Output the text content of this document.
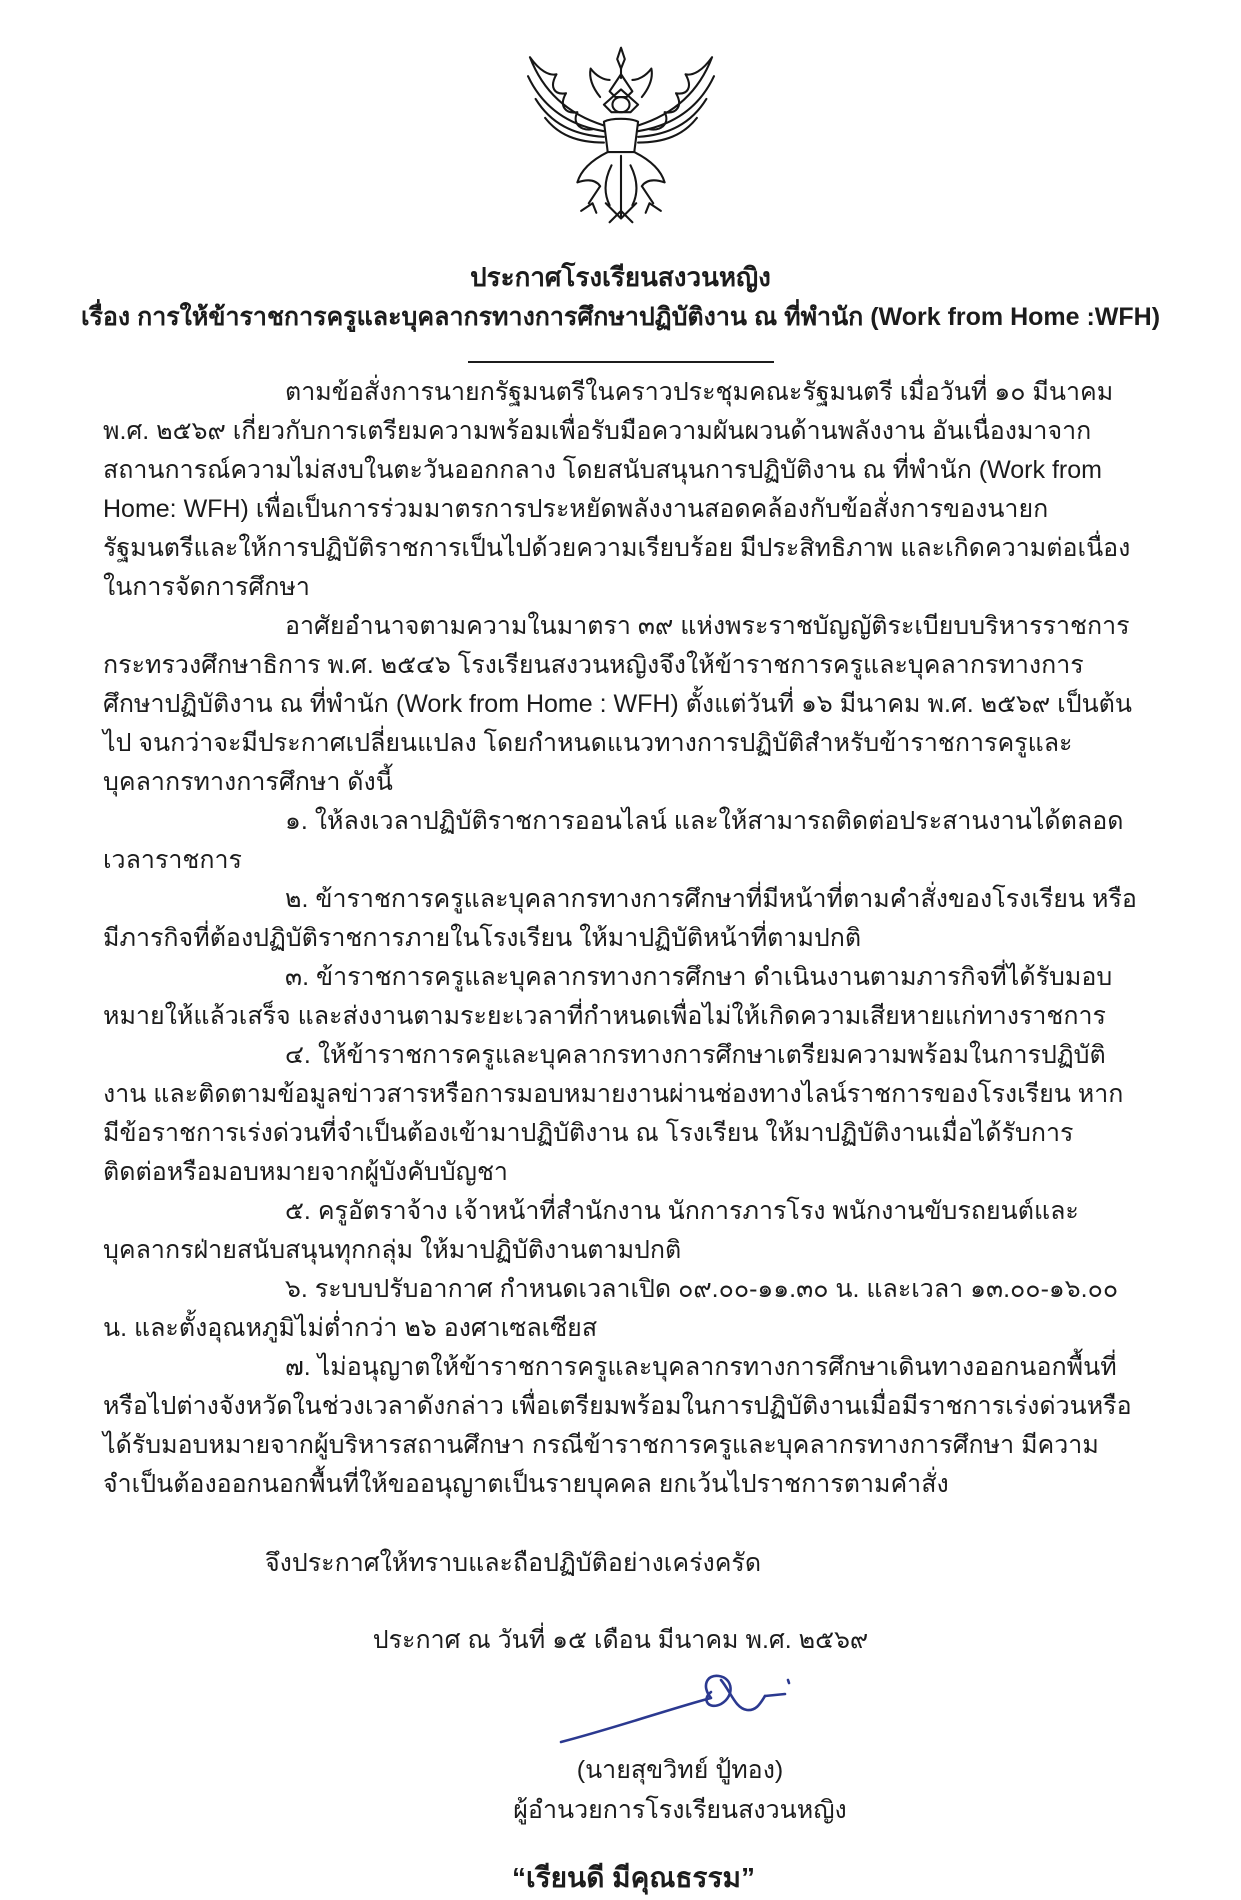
ประกาศโรงเรียนสงวนหญิง
เรื่อง การให้ข้าราชการครูและบุคลากรทางการศึกษาปฏิบัติงาน ณ ที่พำนัก (Work from Home :WFH)

ตามข้อสั่งการนายกรัฐมนตรีในคราวประชุมคณะรัฐมนตรี เมื่อวันที่ ๑๐ มีนาคม พ.ศ. ๒๕๖๙ เกี่ยวกับการเตรียมความพร้อมเพื่อรับมือความผันผวนด้านพลังงาน อันเนื่องมาจากสถานการณ์ความไม่สงบในตะวันออกกลาง โดยสนับสนุนการปฏิบัติงาน ณ ที่พำนัก (Work from Home: WFH) เพื่อเป็นการร่วมมาตรการประหยัดพลังงานสอดคล้องกับข้อสั่งการของนายกรัฐมนตรีและให้การปฏิบัติราชการเป็นไปด้วยความเรียบร้อย มีประสิทธิภาพ และเกิดความต่อเนื่องในการจัดการศึกษา

อาศัยอำนาจตามความในมาตรา ๓๙ แห่งพระราชบัญญัติระเบียบบริหารราชการกระทรวงศึกษาธิการ พ.ศ. ๒๕๔๖ โรงเรียนสงวนหญิงจึงให้ข้าราชการครูและบุคลากรทางการศึกษาปฏิบัติงาน ณ ที่พำนัก (Work from Home : WFH) ตั้งแต่วันที่ ๑๖ มีนาคม พ.ศ. ๒๕๖๙ เป็นต้นไป จนกว่าจะมีประกาศเปลี่ยนแปลง โดยกำหนดแนวทางการปฏิบัติสำหรับข้าราชการครูและบุคลากรทางการศึกษา ดังนี้

๑. ให้ลงเวลาปฏิบัติราชการออนไลน์ และให้สามารถติดต่อประสานงานได้ตลอดเวลาราชการ

๒. ข้าราชการครูและบุคลากรทางการศึกษาที่มีหน้าที่ตามคำสั่งของโรงเรียน หรือมีภารกิจที่ต้องปฏิบัติราชการภายในโรงเรียน ให้มาปฏิบัติหน้าที่ตามปกติ

๓. ข้าราชการครูและบุคลากรทางการศึกษา ดำเนินงานตามภารกิจที่ได้รับมอบหมายให้แล้วเสร็จ และส่งงานตามระยะเวลาที่กำหนดเพื่อไม่ให้เกิดความเสียหายแก่ทางราชการ

๔. ให้ข้าราชการครูและบุคลากรทางการศึกษาเตรียมความพร้อมในการปฏิบัติงาน และติดตามข้อมูลข่าวสารหรือการมอบหมายงานผ่านช่องทางไลน์ราชการของโรงเรียน หากมีข้อราชการเร่งด่วนที่จำเป็นต้องเข้ามาปฏิบัติงาน ณ โรงเรียน ให้มาปฏิบัติงานเมื่อได้รับการติดต่อหรือมอบหมายจากผู้บังคับบัญชา

๕. ครูอัตราจ้าง เจ้าหน้าที่สำนักงาน นักการภารโรง พนักงานขับรถยนต์และบุคลากรฝ่ายสนับสนุนทุกกลุ่ม ให้มาปฏิบัติงานตามปกติ

๖. ระบบปรับอากาศ กำหนดเวลาเปิด ๐๙.๐๐-๑๑.๓๐ น. และเวลา ๑๓.๐๐-๑๖.๐๐ น. และตั้งอุณหภูมิไม่ต่ำกว่า ๒๖ องศาเซลเซียส

๗. ไม่อนุญาตให้ข้าราชการครูและบุคลากรทางการศึกษาเดินทางออกนอกพื้นที่หรือไปต่างจังหวัดในช่วงเวลาดังกล่าว เพื่อเตรียมพร้อมในการปฏิบัติงานเมื่อมีราชการเร่งด่วนหรือได้รับมอบหมายจากผู้บริหารสถานศึกษา กรณีข้าราชการครูและบุคลากรทางการศึกษา มีความจำเป็นต้องออกนอกพื้นที่ให้ขออนุญาตเป็นรายบุคคล ยกเว้นไปราชการตามคำสั่ง

จึงประกาศให้ทราบและถือปฏิบัติอย่างเคร่งครัด

ประกาศ ณ วันที่ ๑๕ เดือน มีนาคม พ.ศ. ๒๕๖๙
(นายสุขวิทย์ ปู้ทอง)
ผู้อำนวยการโรงเรียนสงวนหญิง
“เรียนดี มีคุณธรรม”
